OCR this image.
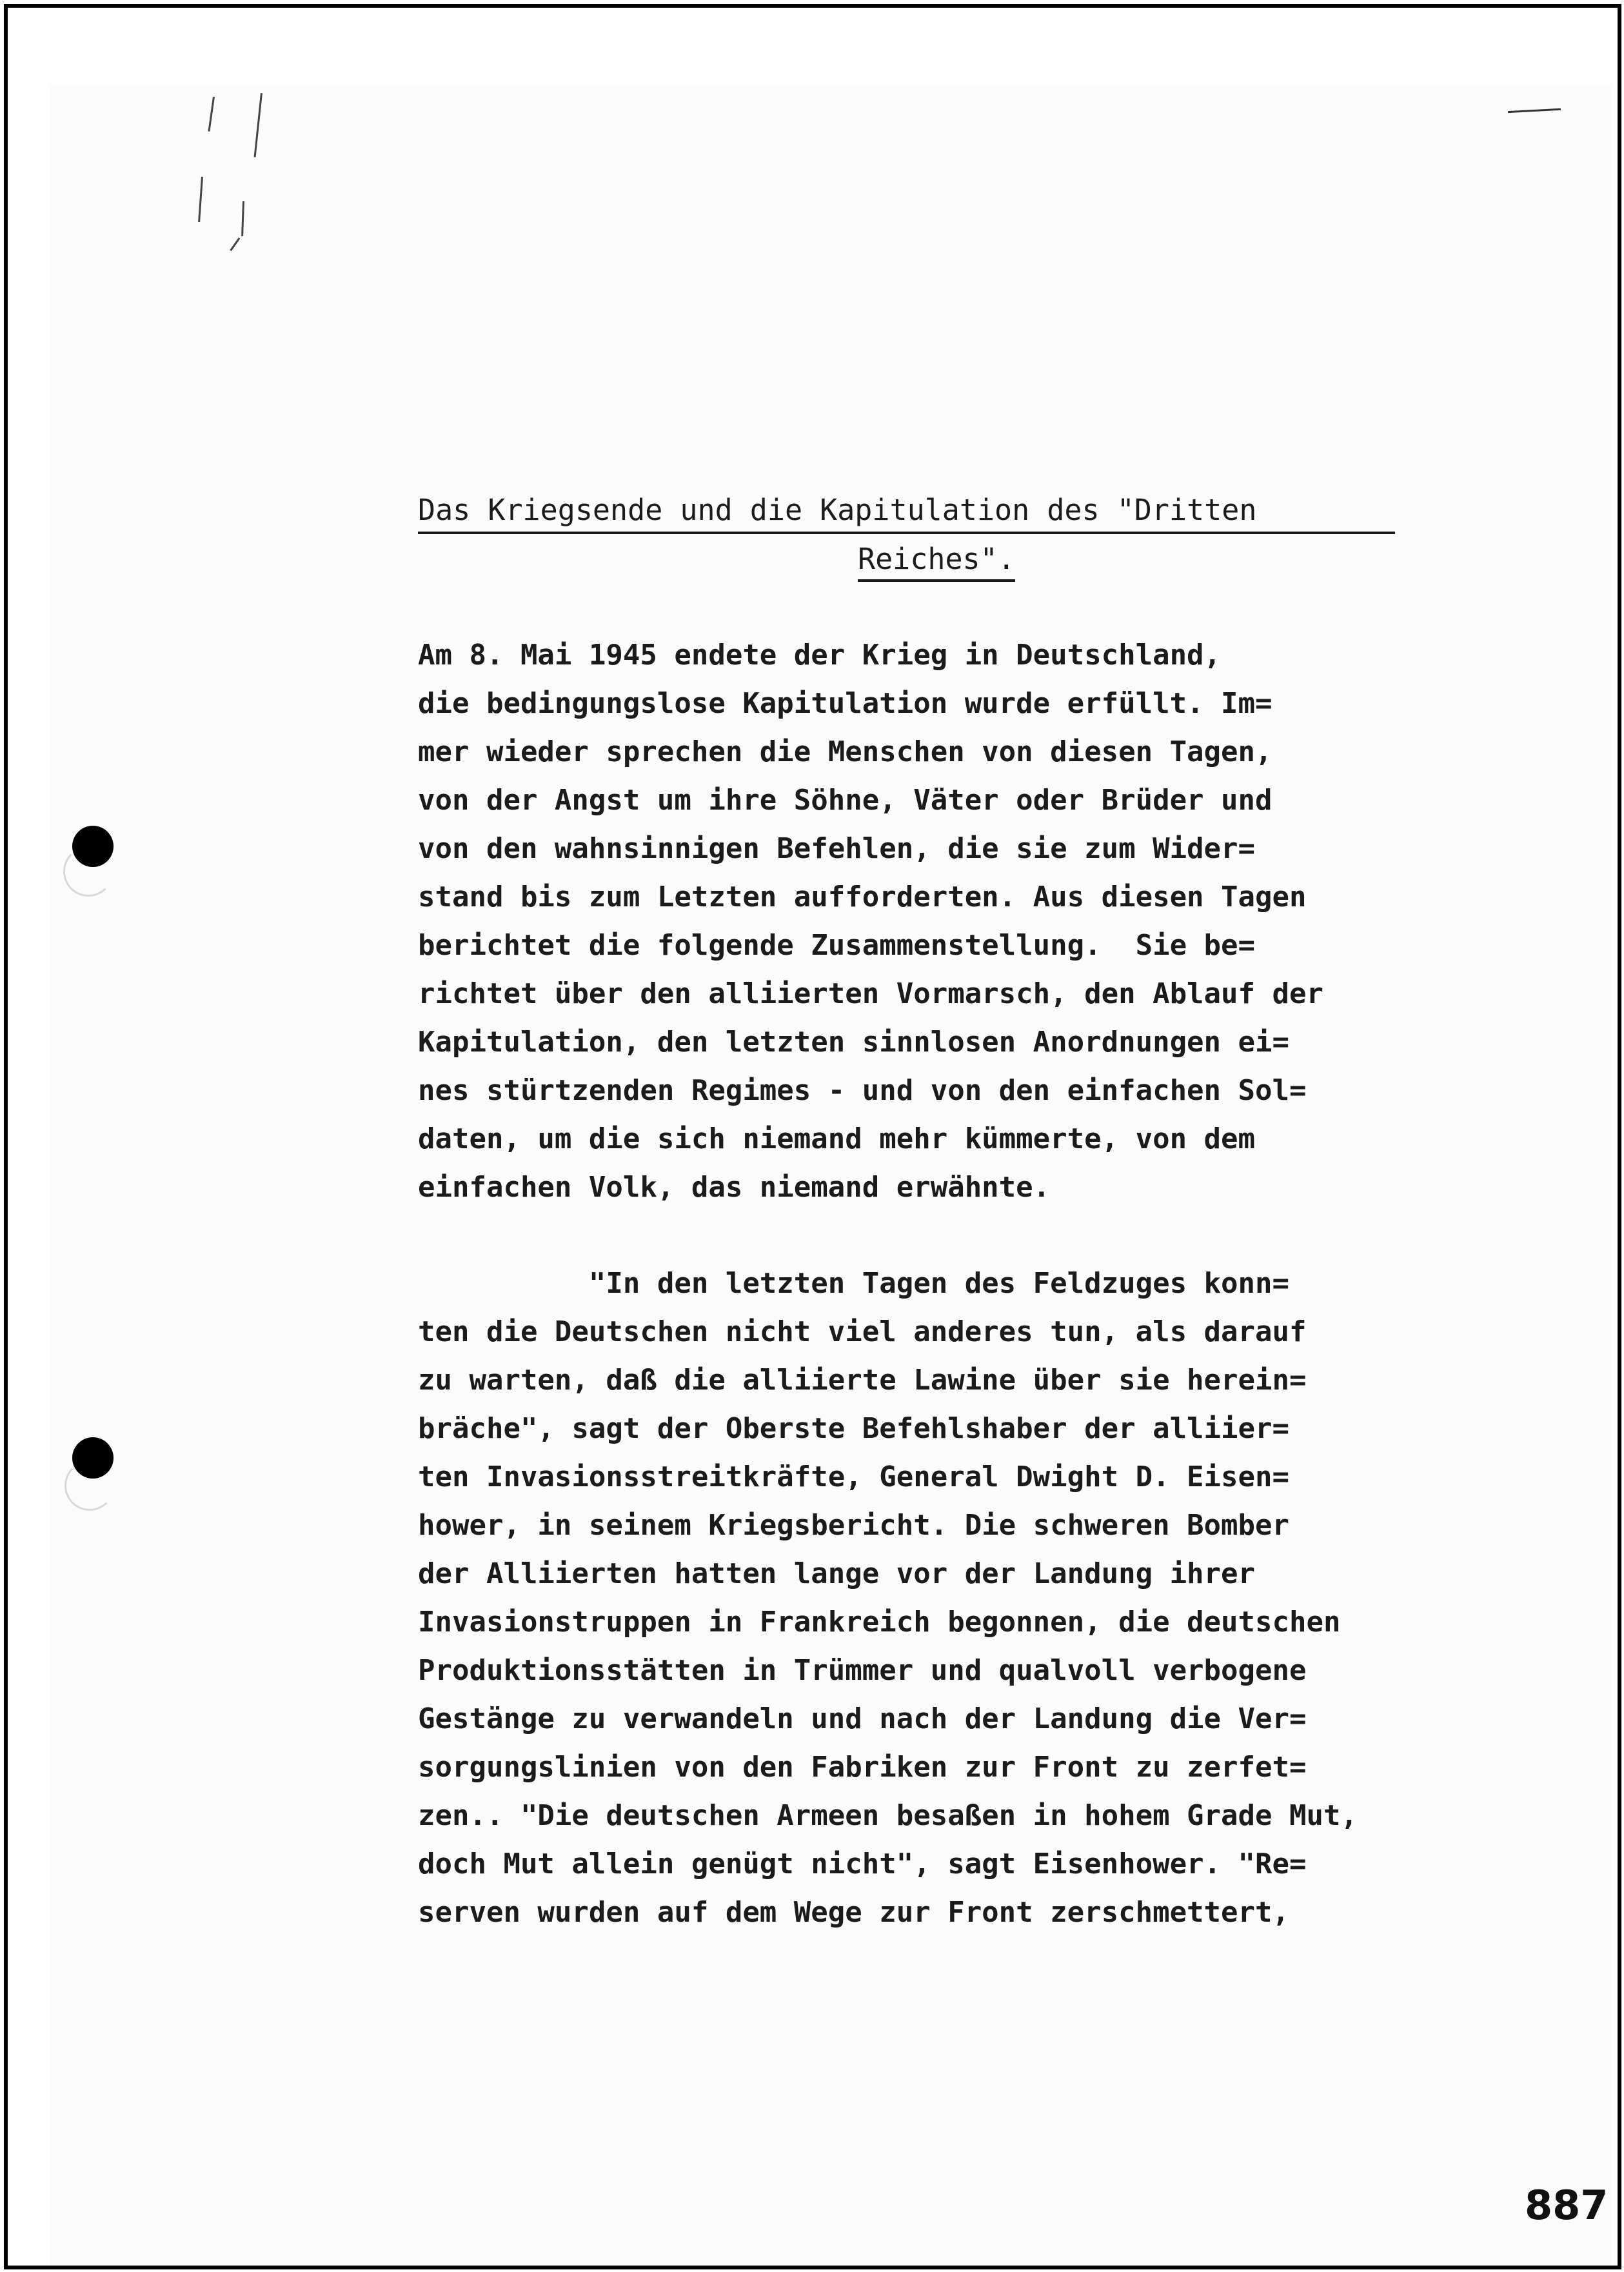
Das Kriegsende und die Kapitulation des "Dritten
Reiches".
Am 8. Mai 1945 endete der Krieg in Deutschland,
die bedingungslose Kapitulation wurde erfüllt. Im=
mer wieder sprechen die Menschen von diesen Tagen,
von der Angst um ihre Söhne, Väter oder Brüder und
von den wahnsinnigen Befehlen, die sie zum Wider=
stand bis zum Letzten aufforderten. Aus diesen Tagen
berichtet die folgende Zusammenstellung.  Sie be=
richtet über den alliierten Vormarsch, den Ablauf der
Kapitulation, den letzten sinnlosen Anordnungen ei=
nes stürtzenden Regimes - und von den einfachen Sol=
daten, um die sich niemand mehr kümmerte, von dem
einfachen Volk, das niemand erwähnte.
"In den letzten Tagen des Feldzuges konn=
ten die Deutschen nicht viel anderes tun, als darauf
zu warten, daß die alliierte Lawine über sie herein=
bräche", sagt der Oberste Befehlshaber der alliier=
ten Invasionsstreitkräfte, General Dwight D. Eisen=
hower, in seinem Kriegsbericht. Die schweren Bomber
der Alliierten hatten lange vor der Landung ihrer
Invasionstruppen in Frankreich begonnen, die deutschen
Produktionsstätten in Trümmer und qualvoll verbogene
Gestänge zu verwandeln und nach der Landung die Ver=
sorgungslinien von den Fabriken zur Front zu zerfet=
zen.. "Die deutschen Armeen besaßen in hohem Grade Mut,
doch Mut allein genügt nicht", sagt Eisenhower. "Re=
serven wurden auf dem Wege zur Front zerschmettert,
887
